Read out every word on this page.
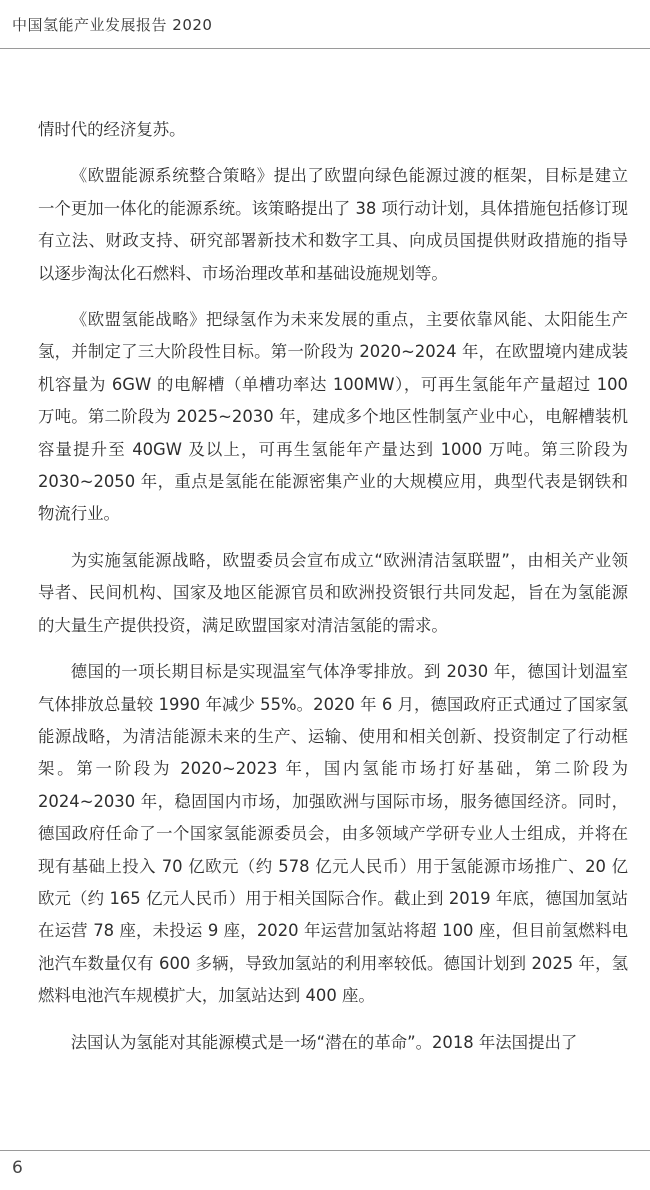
中国氢能产业发展报告 2020

情时代的经济复苏。

《欧盟能源系统整合策略》提出了欧盟向绿色能源过渡的框架，目标是建立一个更加一体化的能源系统。该策略提出了 38 项行动计划，具体措施包括修订现有立法、财政支持、研究部署新技术和数字工具、向成员国提供财政措施的指导以逐步淘汰化石燃料、市场治理改革和基础设施规划等。

《欧盟氢能战略》把绿氢作为未来发展的重点，主要依靠风能、太阳能生产氢，并制定了三大阶段性目标。第一阶段为 2020~2024 年，在欧盟境内建成装机容量为 6GW 的电解槽（单槽功率达 100MW），可再生氢能年产量超过 100 万吨。第二阶段为 2025~2030 年，建成多个地区性制氢产业中心，电解槽装机容量提升至 40GW 及以上，可再生氢能年产量达到 1000 万吨。第三阶段为 2030~2050 年，重点是氢能在能源密集产业的大规模应用，典型代表是钢铁和物流行业。

为实施氢能源战略，欧盟委员会宣布成立“欧洲清洁氢联盟”，由相关产业领导者、民间机构、国家及地区能源官员和欧洲投资银行共同发起，旨在为氢能源的大量生产提供投资，满足欧盟国家对清洁氢能的需求。

德国的一项长期目标是实现温室气体净零排放。到 2030 年，德国计划温室气体排放总量较 1990 年减少 55%。2020 年 6 月，德国政府正式通过了国家氢能源战略，为清洁能源未来的生产、运输、使用和相关创新、投资制定了行动框架。第一阶段为 2020~2023 年，国内氢能市场打好基础，第二阶段为 2024~2030 年，稳固国内市场，加强欧洲与国际市场，服务德国经济。同时，德国政府任命了一个国家氢能源委员会，由多领域产学研专业人士组成，并将在现有基础上投入 70 亿欧元（约 578 亿元人民币）用于氢能源市场推广、20 亿欧元（约 165 亿元人民币）用于相关国际合作。截止到 2019 年底，德国加氢站在运营 78 座，未投运 9 座，2020 年运营加氢站将超 100 座，但目前氢燃料电池汽车数量仅有 600 多辆，导致加氢站的利用率较低。德国计划到 2025 年，氢燃料电池汽车规模扩大，加氢站达到 400 座。

法国认为氢能对其能源模式是一场“潜在的革命”。2018 年法国提出了

6
